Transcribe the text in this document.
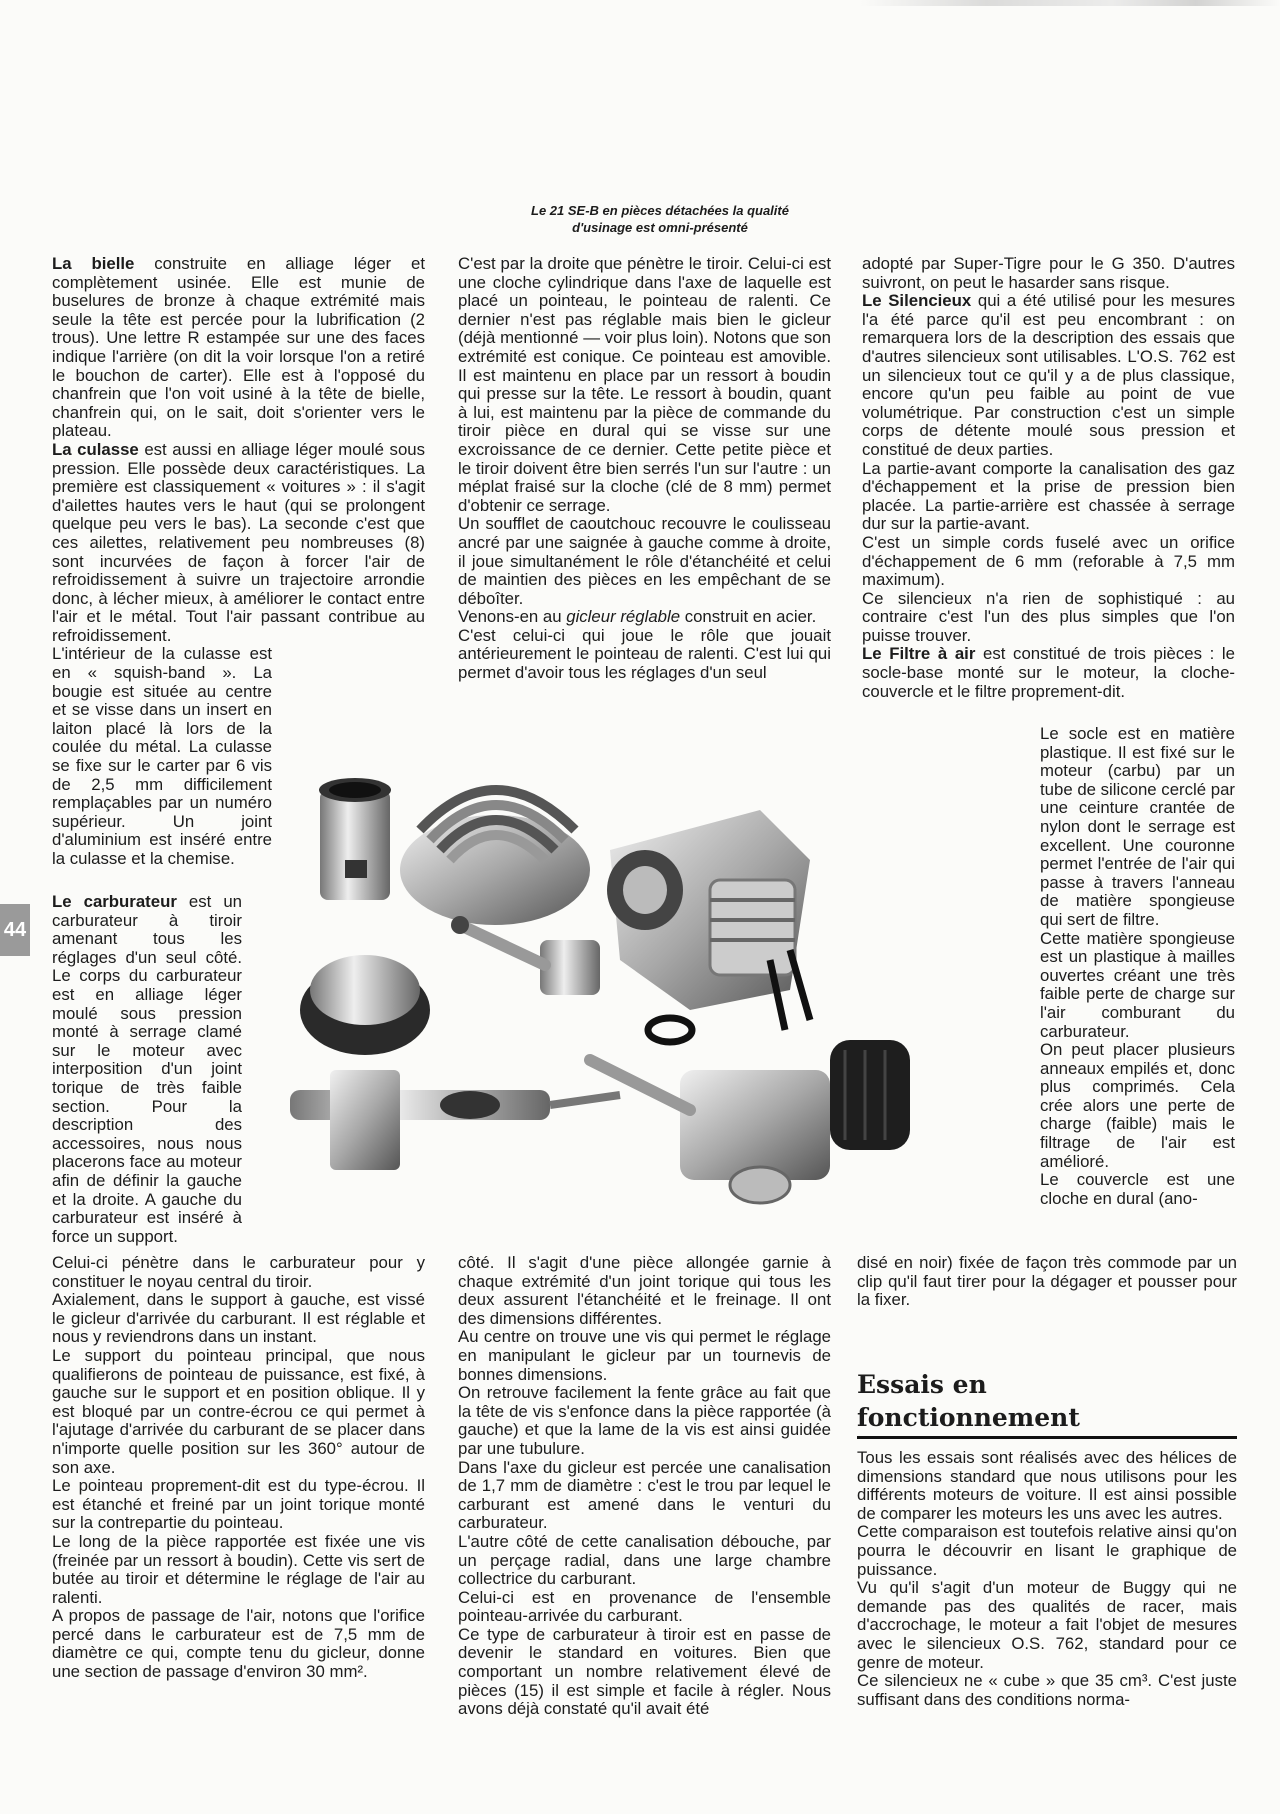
Le 21 SE-B en pièces détachées la qualité
d'usinage est omni-présenté

La bielle construite en alliage léger et complètement usinée. Elle est munie de buselures de bronze à chaque extrémité mais seule la tête est percée pour la lubrification (2 trous). Une lettre R estampée sur une des faces indique l'arrière (on dit la voir lorsque l'on a retiré le bouchon de carter). Elle est à l'opposé du chanfrein que l'on voit usiné à la tête de bielle, chanfrein qui, on le sait, doit s'orienter vers le plateau.

La culasse est aussi en alliage léger moulé sous pression. Elle possède deux caractéristiques. La première est classiquement « voitures » : il s'agit d'ailettes hautes vers le haut (qui se prolongent quelque peu vers le bas). La seconde c'est que ces ailettes, relativement peu nombreuses (8) sont incurvées de façon à forcer l'air de refroidissement à suivre un trajectoire arrondie donc, à lécher mieux, à améliorer le contact entre l'air et le métal. Tout l'air passant contribue au refroidissement.

L'intérieur de la culasse est en « squish-band ». La bougie est située au centre et se visse dans un insert en laiton placé là lors de la coulée du métal. La culasse se fixe sur le carter par 6 vis de 2,5 mm difficilement remplaçables par un numéro supérieur. Un joint d'aluminium est inséré entre la culasse et la chemise.

Le carburateur est un carburateur à tiroir amenant tous les réglages d'un seul côté. Le corps du carburateur est en alliage léger moulé sous pression monté à serrage clamé sur le moteur avec interposition d'un joint torique de très faible section. Pour la description des accessoires, nous nous placerons face au moteur afin de définir la gauche et la droite. A gauche du carburateur est inséré à force un support.

Celui-ci pénètre dans le carburateur pour y constituer le noyau central du tiroir.

Axialement, dans le support à gauche, est vissé le gicleur d'arrivée du carburant. Il est réglable et nous y reviendrons dans un instant.

Le support du pointeau principal, que nous qualifierons de pointeau de puissance, est fixé, à gauche sur le support et en position oblique. Il y est bloqué par un contre-écrou ce qui permet à l'ajutage d'arrivée du carburant de se placer dans n'importe quelle position sur les 360° autour de son axe.

Le pointeau proprement-dit est du type-écrou. Il est étanché et freiné par un joint torique monté sur la contrepartie du pointeau.

Le long de la pièce rapportée est fixée une vis (freinée par un ressort à boudin). Cette vis sert de butée au tiroir et détermine le réglage de l'air au ralenti.

A propos de passage de l'air, notons que l'orifice percé dans le carburateur est de 7,5 mm de diamètre ce qui, compte tenu du gicleur, donne une section de passage d'environ 30 mm².

C'est par la droite que pénètre le tiroir. Celui-ci est une cloche cylindrique dans l'axe de laquelle est placé un pointeau, le pointeau de ralenti. Ce dernier n'est pas réglable mais bien le gicleur (déjà mentionné — voir plus loin). Notons que son extrémité est conique. Ce pointeau est amovible. Il est maintenu en place par un ressort à boudin qui presse sur la tête. Le ressort à boudin, quant à lui, est maintenu par la pièce de commande du tiroir pièce en dural qui se visse sur une excroissance de ce dernier. Cette petite pièce et le tiroir doivent être bien serrés l'un sur l'autre : un méplat fraisé sur la cloche (clé de 8 mm) permet d'obtenir ce serrage.

Un soufflet de caoutchouc recouvre le coulisseau ancré par une saignée à gauche comme à droite, il joue simultanément le rôle d'étanchéité et celui de maintien des pièces en les empêchant de se déboîter.

Venons-en au gicleur réglable construit en acier.

C'est celui-ci qui joue le rôle que jouait antérieurement le pointeau de ralenti. C'est lui qui permet d'avoir tous les réglages d'un seul

côté. Il s'agit d'une pièce allongée garnie à chaque extrémité d'un joint torique qui tous les deux assurent l'étanchéité et le freinage. Il ont des dimensions différentes.

Au centre on trouve une vis qui permet le réglage en manipulant le gicleur par un tournevis de bonnes dimensions.

On retrouve facilement la fente grâce au fait que la tête de vis s'enfonce dans la pièce rapportée (à gauche) et que la lame de la vis est ainsi guidée par une tubulure.

Dans l'axe du gicleur est percée une canalisation de 1,7 mm de diamètre : c'est le trou par lequel le carburant est amené dans le venturi du carburateur.

L'autre côté de cette canalisation débouche, par un perçage radial, dans une large chambre collectrice du carburant.

Celui-ci est en provenance de l'ensemble pointeau-arrivée du carburant.

Ce type de carburateur à tiroir est en passe de devenir le standard en voitures. Bien que comportant un nombre relativement élevé de pièces (15) il est simple et facile à régler. Nous avons déjà constaté qu'il avait été

adopté par Super-Tigre pour le G 350. D'autres suivront, on peut le hasarder sans risque.

Le Silencieux qui a été utilisé pour les mesures l'a été parce qu'il est peu encombrant : on remarquera lors de la description des essais que d'autres silencieux sont utilisables. L'O.S. 762 est un silencieux tout ce qu'il y a de plus classique, encore qu'un peu faible au point de vue volumétrique. Par construction c'est un simple corps de détente moulé sous pression et constitué de deux parties.

La partie-avant comporte la canalisation des gaz d'échappement et la prise de pression bien placée. La partie-arrière est chassée à serrage dur sur la partie-avant.

C'est un simple cords fuselé avec un orifice d'échappement de 6 mm (reforable à 7,5 mm maximum).

Ce silencieux n'a rien de sophistiqué : au contraire c'est l'un des plus simples que l'on puisse trouver.

Le Filtre à air est constitué de trois pièces : le socle-base monté sur le moteur, la cloche-couvercle et le filtre proprement-dit.

Le socle est en matière plastique. Il est fixé sur le moteur (carbu) par un tube de silicone cerclé par une ceinture crantée de nylon dont le serrage est excellent. Une couronne permet l'entrée de l'air qui passe à travers l'anneau de matière spongieuse qui sert de filtre.

Cette matière spongieuse est un plastique à mailles ouvertes créant une très faible perte de charge sur l'air comburant du carburateur.

On peut placer plusieurs anneaux empilés et, donc plus comprimés. Cela crée alors une perte de charge (faible) mais le filtrage de l'air est amélioré.

Le couvercle est une cloche en dural (ano-

disé en noir) fixée de façon très commode par un clip qu'il faut tirer pour la dégager et pousser pour la fixer.

Essais en
fonctionnement

Tous les essais sont réalisés avec des hélices de dimensions standard que nous utilisons pour les différents moteurs de voiture. Il est ainsi possible de comparer les moteurs les uns avec les autres.

Cette comparaison est toutefois relative ainsi qu'on pourra le découvrir en lisant le graphique de puissance.

Vu qu'il s'agit d'un moteur de Buggy qui ne demande pas des qualités de racer, mais d'accrochage, le moteur a fait l'objet de mesures avec le silencieux O.S. 762, standard pour ce genre de moteur.

Ce silencieux ne « cube » que 35 cm³. C'est juste suffisant dans des conditions norma-

44
